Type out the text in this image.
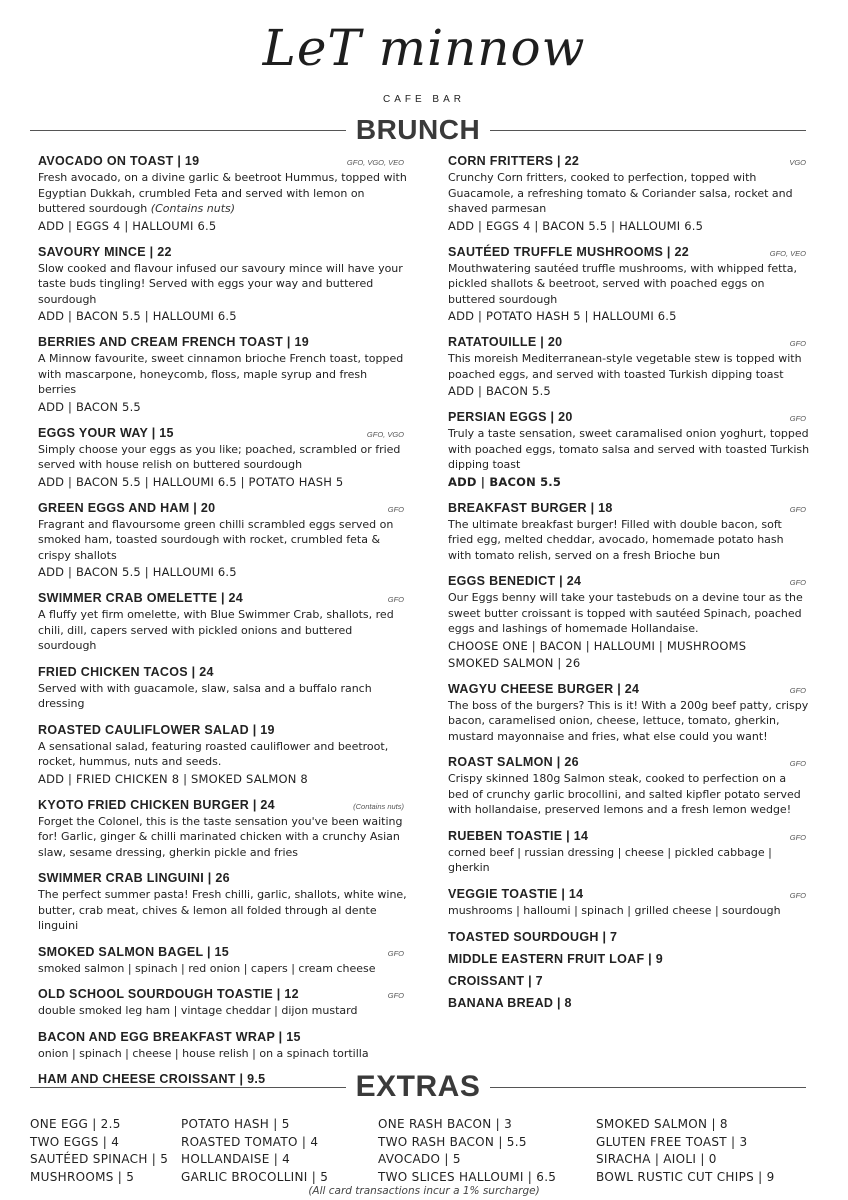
LeT minnow
CAFE BAR
BRUNCH
AVOCADO ON TOAST | 19	GFO, VGO, VEO
Fresh avocado, on a divine garlic & beetroot Hummus, topped with Egyptian Dukkah, crumbled Feta and served with lemon on buttered sourdough (Contains nuts)
ADD | EGGS 4 | HALLOUMI 6.5
SAVOURY MINCE | 22
Slow cooked and flavour infused our savoury mince will have your taste buds tingling! Served with eggs your way and buttered sourdough
ADD | BACON 5.5 | HALLOUMI 6.5
BERRIES AND CREAM FRENCH TOAST | 19
A Minnow favourite, sweet cinnamon brioche French toast, topped with mascarpone, honeycomb, floss, maple syrup and fresh berries
ADD | BACON 5.5
EGGS YOUR WAY | 15	GFO, VGO
Simply choose your eggs as you like; poached, scrambled or fried served with house relish on buttered sourdough
ADD | BACON 5.5 | HALLOUMI 6.5 | POTATO HASH 5
GREEN EGGS AND HAM | 20	GFO
Fragrant and flavoursome green chilli scrambled eggs served on smoked ham, toasted sourdough with rocket, crumbled feta & crispy shallots
ADD | BACON 5.5 | HALLOUMI 6.5
SWIMMER CRAB OMELETTE | 24	GFO
A fluffy yet firm omelette, with Blue Swimmer Crab, shallots, red chili, dill, capers served with pickled onions and buttered sourdough
FRIED CHICKEN TACOS | 24
Served with with guacamole, slaw, salsa and a buffalo ranch dressing
ROASTED CAULIFLOWER SALAD | 19
A sensational salad, featuring roasted cauliflower and beetroot, rocket, hummus, nuts and seeds.
ADD | FRIED CHICKEN 8 | SMOKED SALMON 8
KYOTO FRIED CHICKEN BURGER | 24	(Contains nuts)
Forget the Colonel, this is the taste sensation you've been waiting for! Garlic, ginger & chilli marinated chicken with a crunchy Asian slaw, sesame dressing, gherkin pickle and fries
SWIMMER CRAB LINGUINI | 26
The perfect summer pasta! Fresh chilli, garlic, shallots, white wine, butter, crab meat, chives & lemon all folded through al dente linguini
SMOKED SALMON BAGEL | 15	GFO
smoked salmon | spinach | red onion | capers | cream cheese
OLD SCHOOL SOURDOUGH TOASTIE | 12	GFO
double smoked leg ham | vintage cheddar | dijon mustard
BACON AND EGG BREAKFAST WRAP | 15
onion | spinach | cheese | house relish | on a spinach tortilla
HAM AND CHEESE CROISSANT | 9.5
CORN FRITTERS | 22	VGO
Crunchy Corn fritters, cooked to perfection, topped with Guacamole, a refreshing tomato & Coriander salsa, rocket and shaved parmesan
ADD | EGGS 4 | BACON 5.5 | HALLOUMI 6.5
SAUTÉED TRUFFLE MUSHROOMS | 22	GFO, VEO
Mouthwatering sautéed truffle mushrooms, with whipped fetta, pickled shallots & beetroot, served with poached eggs on buttered sourdough
ADD | POTATO HASH 5 | HALLOUMI 6.5
RATATOUILLE | 20	GFO
This moreish Mediterranean-style vegetable stew is topped with poached eggs, and served with toasted Turkish dipping toast
ADD | BACON 5.5
PERSIAN EGGS | 20	GFO
Truly a taste sensation, sweet caramalised onion yoghurt, topped with poached eggs, tomato salsa and served with toasted Turkish dipping toast
ADD | BACON 5.5
BREAKFAST BURGER | 18	GFO
The ultimate breakfast burger! Filled with double bacon, soft fried egg, melted cheddar, avocado, homemade potato hash with tomato relish, served on a fresh Brioche bun
EGGS BENEDICT | 24	GFO
Our Eggs benny will take your tastebuds on a devine tour as the sweet butter croissant is topped with sautéed Spinach, poached eggs and lashings of homemade Hollandaise.
CHOOSE ONE | BACON | HALLOUMI | MUSHROOMS
SMOKED SALMON | 26
WAGYU CHEESE BURGER | 24	GFO
The boss of the burgers? This is it! With a 200g beef patty, crispy bacon, caramelised onion, cheese, lettuce, tomato, gherkin, mustard mayonnaise and fries, what else could you want!
ROAST SALMON | 26	GFO
Crispy skinned 180g Salmon steak, cooked to perfection on a bed of crunchy garlic brocollini, and salted kipfler potato served with hollandaise, preserved lemons and a fresh lemon wedge!
RUEBEN TOASTIE | 14	GFO
corned beef | russian dressing | cheese | pickled cabbage | gherkin
VEGGIE TOASTIE | 14	GFO
mushrooms | halloumi | spinach | grilled cheese | sourdough
TOASTED SOURDOUGH | 7
MIDDLE EASTERN FRUIT LOAF | 9
CROISSANT | 7
BANANA BREAD | 8
EXTRAS
ONE EGG | 2.5
TWO EGGS | 4
SAUTÉED SPINACH | 5
MUSHROOMS | 5
POTATO HASH | 5
ROASTED TOMATO | 4
HOLLANDAISE | 4
GARLIC BROCOLLINI | 5
ONE RASH BACON | 3
TWO RASH BACON | 5.5
AVOCADO | 5
TWO SLICES HALLOUMI | 6.5
SMOKED SALMON | 8
GLUTEN FREE TOAST | 3
SIRACHA | AIOLI | 0
BOWL RUSTIC CUT CHIPS | 9
(All card transactions incur a 1% surcharge)
